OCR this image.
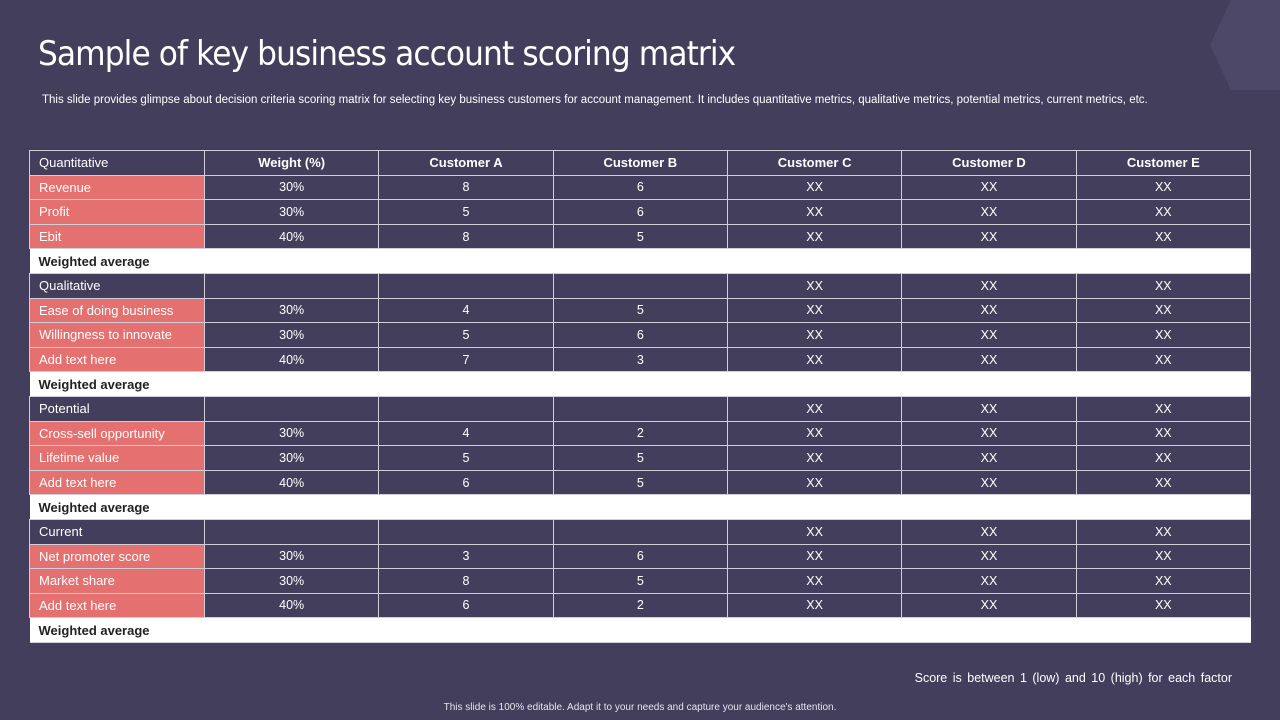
Sample of key business account scoring matrix

This slide provides glimpse about decision criteria scoring matrix for selecting key business customers for account management. It includes quantitative metrics, qualitative metrics, potential metrics, current metrics, etc.

Quantitative	Weight (%)	Customer A	Customer B	Customer C	Customer D	Customer E
Revenue	30%	8	6	XX	XX	XX
Profit	30%	5	6	XX	XX	XX
Ebit	40%	8	5	XX	XX	XX
Weighted average						
Qualitative				XX	XX	XX
Ease of doing business	30%	4	5	XX	XX	XX
Willingness to innovate	30%	5	6	XX	XX	XX
Add text here	40%	7	3	XX	XX	XX
Weighted average						
Potential				XX	XX	XX
Cross-sell opportunity	30%	4	2	XX	XX	XX
Lifetime value	30%	5	5	XX	XX	XX
Add text here	40%	6	5	XX	XX	XX
Weighted average						
Current				XX	XX	XX
Net promoter score	30%	3	6	XX	XX	XX
Market share	30%	8	5	XX	XX	XX
Add text here	40%	6	2	XX	XX	XX
Weighted average						

Score is between 1 (low) and 10 (high) for each factor

This slide is 100% editable. Adapt it to your needs and capture your audience's attention.
